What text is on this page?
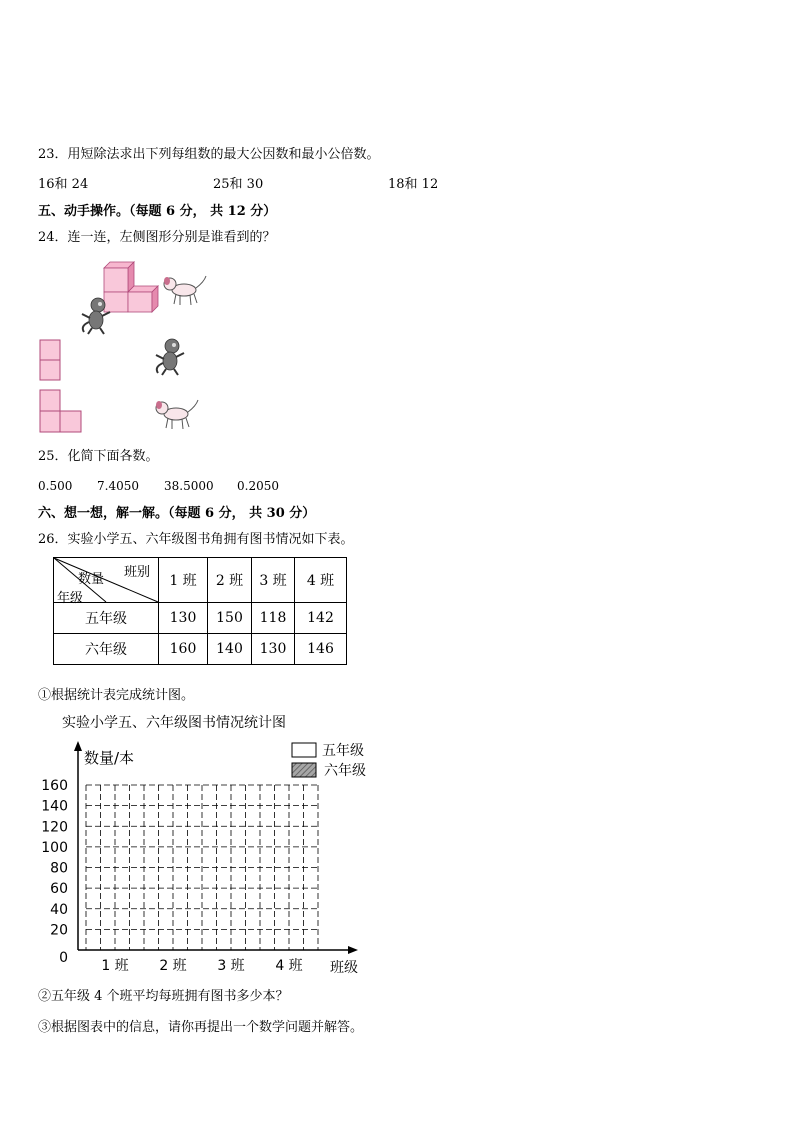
23．用短除法求出下列每组数的最大公因数和最小公倍数。
16和 24	25和 30	18和 12
五、动手操作。（每题 6 分， 共 12 分）
24．连一连，左侧图形分别是谁看到的？
25．化简下面各数。
0.500 7.4050 38.5000 0.2050
六、想一想，解一解。（每题 6 分， 共 30 分）
26．实验小学五、六年级图书角拥有图书情况如下表。
班别
数量
年级	1 班	2 班	3 班	4 班
五年级	130	150	118	142
六年级	160	140	130	146
①根据统计表完成统计图。
实验小学五、六年级图书情况统计图
0
20
40
60
80
100
120
140
160
1 班 2 班 3 班 4 班
数量/本
班级
五年级
六年级
②五年级 4 个班平均每班拥有图书多少本？
③根据图表中的信息，请你再提出一个数学问题并解答。
